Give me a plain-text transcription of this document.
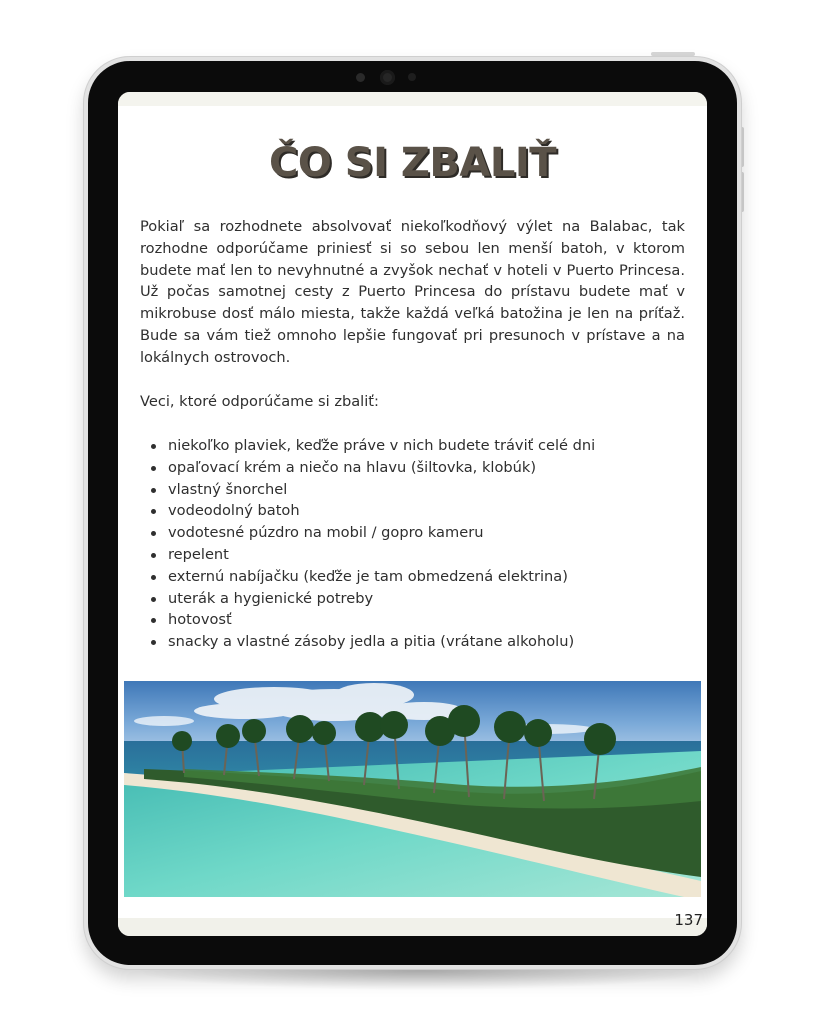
ČO SI ZBALIŤ

Pokiaľ sa rozhodnete absolvovať niekoľkodňový výlet na Balabac, tak rozhodne odporúčame priniesť si so sebou len menší batoh, v ktorom budete mať len to nevyhnutné a zvyšok nechať v hoteli v Puerto Princesa. Už počas samotnej cesty z Puerto Princesa do prístavu budete mať v mikrobuse dosť málo miesta, takže každá veľká batožina je len na príťaž. Bude sa vám tiež omnoho lepšie fungovať pri presunoch v prístave a na lokálnych ostrovoch.

Veci, ktoré odporúčame si zbaliť:

niekoľko plaviek, keďže práve v nich budete tráviť celé dni
opaľovací krém a niečo na hlavu (šiltovka, klobúk)
vlastný šnorchel
vodeodolný batoh
vodotesné púzdro na mobil / gopro kameru
repelent
externú nabíjačku (keďže je tam obmedzená elektrina)
uterák a hygienické potreby
hotovosť
snacky a vlastné zásoby jedla a pitia (vrátane alkoholu)
137
